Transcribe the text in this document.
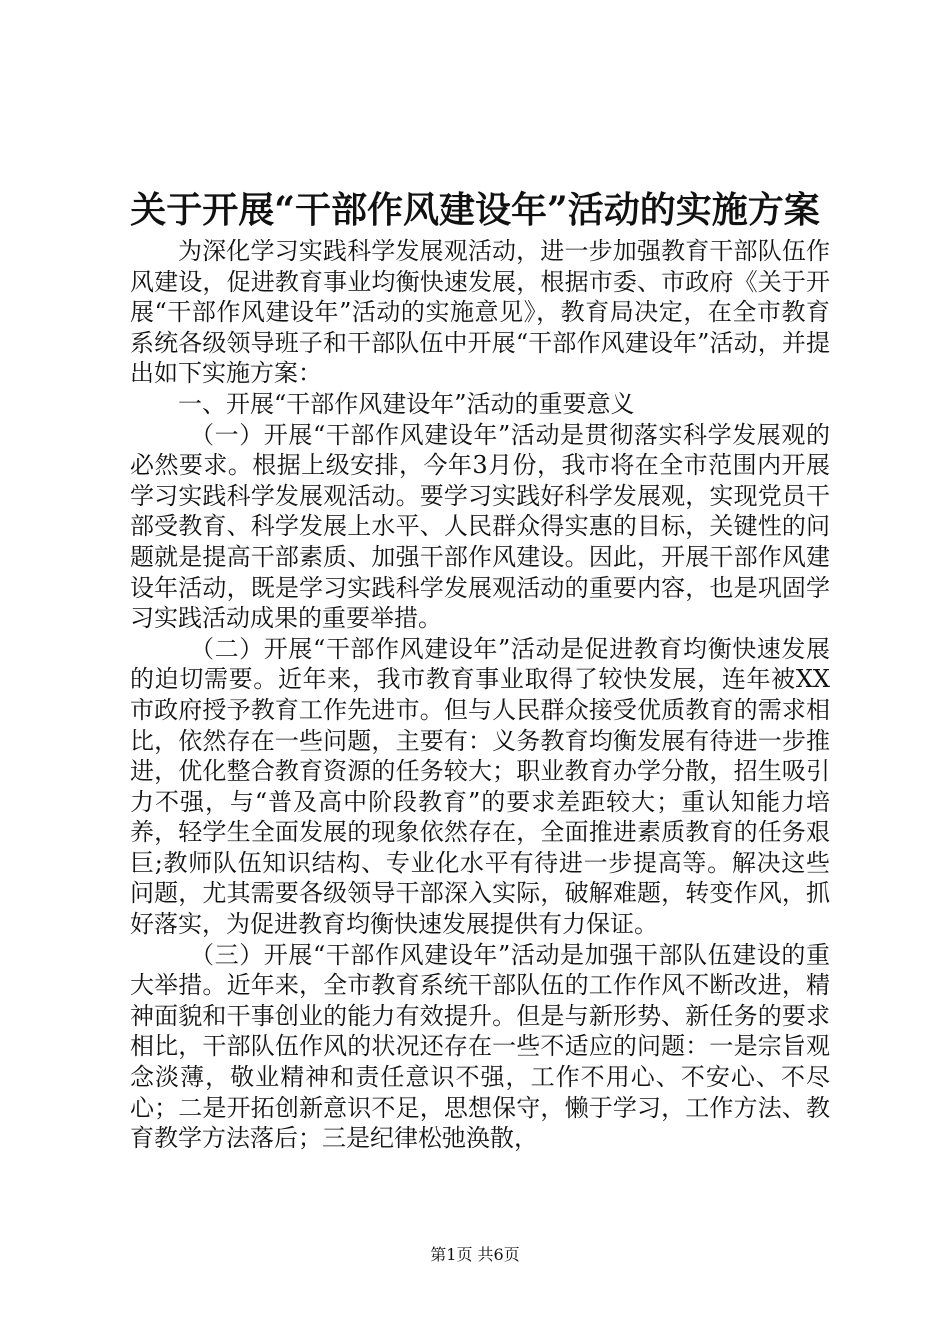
关于开展“干部作风建设年”活动的实施方案

为深化学习实践科学发展观活动，进一步加强教育干部队伍作风建设，促进教育事业均衡快速发展，根据市委、市政府《关于开展“干部作风建设年”活动的实施意见》，教育局决定，在全市教育系统各级领导班子和干部队伍中开展“干部作风建设年”活动，并提出如下实施方案：

一、开展“干部作风建设年”活动的重要意义

（一）开展“干部作风建设年”活动是贯彻落实科学发展观的必然要求。根据上级安排，今年3月份，我市将在全市范围内开展学习实践科学发展观活动。要学习实践好科学发展观，实现党员干部受教育、科学发展上水平、人民群众得实惠的目标，关键性的问题就是提高干部素质、加强干部作风建设。因此，开展干部作风建设年活动，既是学习实践科学发展观活动的重要内容，也是巩固学习实践活动成果的重要举措。

（二）开展“干部作风建设年”活动是促进教育均衡快速发展的迫切需要。近年来，我市教育事业取得了较快发展，连年被XX市政府授予教育工作先进市。但与人民群众接受优质教育的需求相比，依然存在一些问题，主要有：义务教育均衡发展有待进一步推进，优化整合教育资源的任务较大；职业教育办学分散，招生吸引力不强，与“普及高中阶段教育”的要求差距较大；重认知能力培养，轻学生全面发展的现象依然存在，全面推进素质教育的任务艰巨;教师队伍知识结构、专业化水平有待进一步提高等。解决这些问题，尤其需要各级领导干部深入实际，破解难题，转变作风，抓好落实，为促进教育均衡快速发展提供有力保证。

（三）开展“干部作风建设年”活动是加强干部队伍建设的重大举措。近年来，全市教育系统干部队伍的工作作风不断改进，精神面貌和干事创业的能力有效提升。但是与新形势、新任务的要求相比，干部队伍作风的状况还存在一些不适应的问题：一是宗旨观念淡薄，敬业精神和责任意识不强，工作不用心、不安心、不尽心；二是开拓创新意识不足，思想保守，懒于学习，工作方法、教育教学方法落后；三是纪律松弛涣散，

第1页 共6页
